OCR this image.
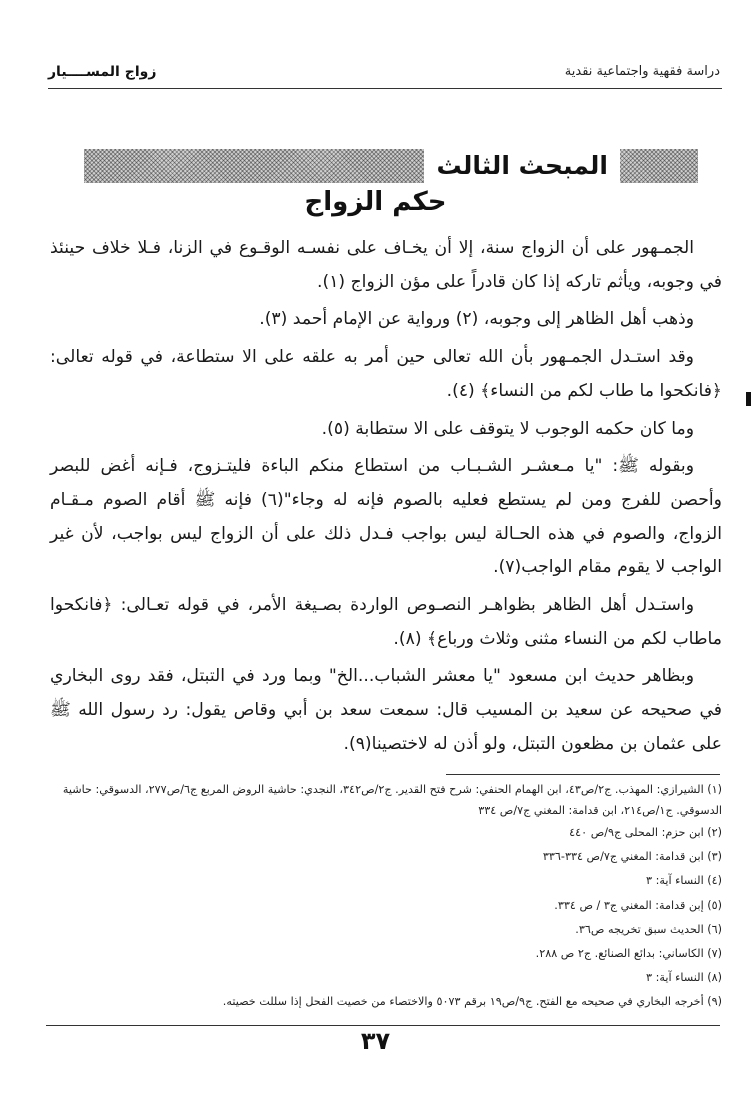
دراسة فقهية واجتماعية نقدية
زواج المســــيار
المبحث الثالث
حكم الزواج

الجمـهور على أن الزواج سنة، إلا أن يخـاف على نفسـه الوقـوع في الزنا، فـلا خلاف حينئذ في وجوبه، ويأثم تاركه إذا كان قادراً على مؤن الزواج (١).

وذهب أهل الظاهر إلى وجوبه، (٢) ورواية عن الإمام أحمد (٣).

وقد استـدل الجمـهور بأن الله تعالى حين أمر به علقه على الا ستطاعة، في قوله تعالى: ﴿فانكحوا ما طاب لكم من النساء﴾ (٤).

وما كان حكمه الوجوب لا يتوقف على الا ستطابة (٥).

وبقوله ﷺ: "يا مـعشـر الشـبـاب من استطاع منكم الباءة فليتـزوج، فـإنه أغض للبصر وأحصن للفرج ومن لم يستطع فعليه بالصوم فإنه له وجاء"(٦) فإنه ﷺ أقام الصوم مـقـام الزواج، والصوم في هذه الحـالة ليس بواجب فـدل ذلك على أن الزواج ليس بواجب، لأن غير الواجب لا يقوم مقام الواجب(٧).

واستـدل أهل الظاهر بظواهـر النصـوص الواردة بصـيغة الأمر، في قوله تعـالى: ﴿فانكحوا ماطاب لكم من النساء مثنى وثلاث ورباع﴾ (٨).

وبظاهر حديث ابن مسعود "يا معشر الشباب...الخ" وبما ورد في التبتل، فقد روى البخاري في صحيحه عن سعيد بن المسيب قال: سمعت سعد بن أبي وقاص يقول: رد رسول الله ﷺ على عثمان بن مظعون التبتل، ولو أذن له لاختصينا(٩).

(١) الشيرازي: المهذب. ج٢/ص٤٣، ابن الهمام الحنفي: شرح فتح القدير. ج٢/ص٣٤٢، النجدي: حاشية الروض المربع ج٦/ص٢٧٧، الدسوقي: حاشية الدسوقي. ج١/ص٢١٤، ابن قدامة: المغني ج٧/ص ٣٣٤
(٢) ابن حزم: المحلى ج٩/ص ٤٤٠
(٣) ابن قدامة: المغني ج٧/ص ٣٣٤-٣٣٦
(٤) النساء آية: ٣
(٥) إبن قدامة: المغني ج٣ / ص ٣٣٤.
(٦) الحديث سبق تخريجه ص٣٦.
(٧) الكاساني: بدائع الصنائع. ج٢ ص ٢٨٨.
(٨) النساء آية: ٣
(٩) أخرجه البخاري في صحيحه مع الفتح. ج٩/ص١٩ برقم ٥٠٧٣ والاختصاء من خصيت الفحل إذا سللت خصيته.
٣٧
